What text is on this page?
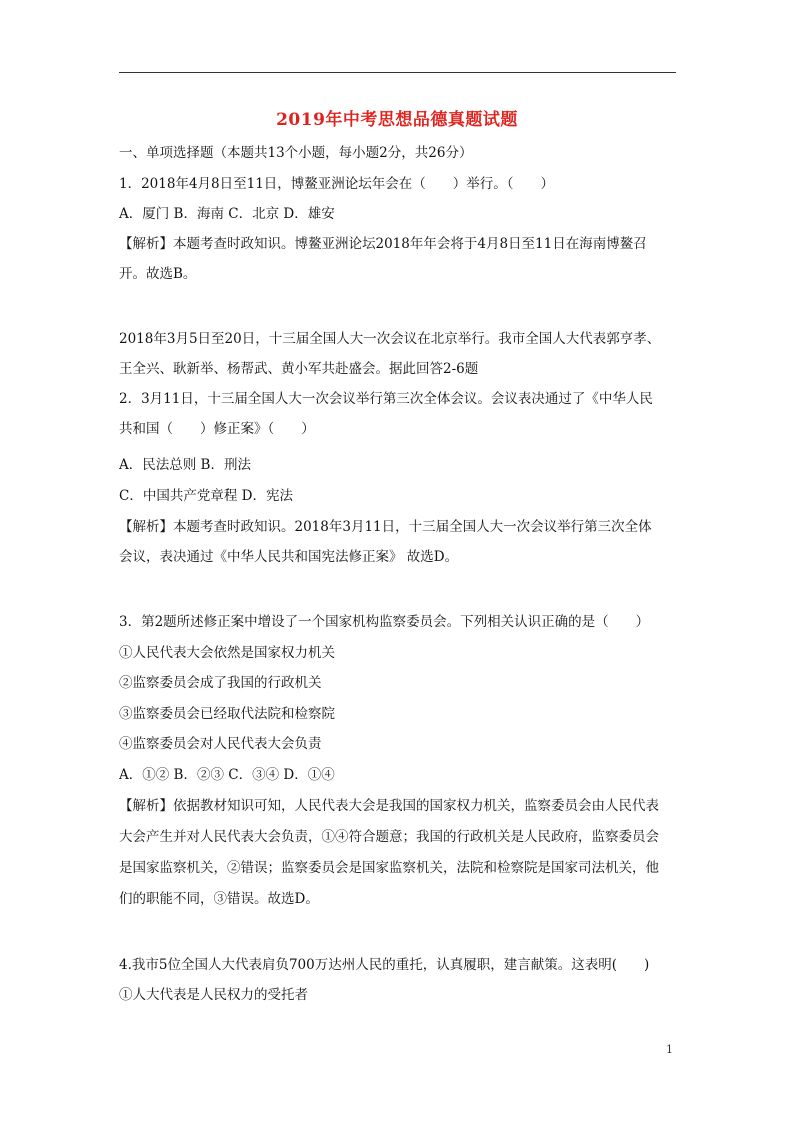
2019年中考思想品德真题试题
一、单项选择题（本题共13个小题，每小题2分，共26分）
1．2018年4月8日至11日，博鳌亚洲论坛年会在（　　）举行。（　　）
A．厦门 B．海南 C．北京 D．雄安
【解析】本题考查时政知识。博鳌亚洲论坛2018年年会将于4月8日至11日在海南博鳌召
开。故选B。
2018年3月5日至20日，十三届全国人大一次会议在北京举行。我市全国人大代表郭亨孝、
王全兴、耿新举、杨帮武、黄小军共赴盛会。据此回答2-6题
2．3月11日，十三届全国人大一次会议举行第三次全体会议。会议表决通过了《中华人民
共和国（　　）修正案》（　　）
A．民法总则 B．刑法
C．中国共产党章程 D．宪法
【解析】本题考查时政知识。2018年3月11日，十三届全国人大一次会议举行第三次全体
会议，表决通过《中华人民共和国宪法修正案》 故选D。
3．第2题所述修正案中增设了一个国家机构监察委员会。下列相关认识正确的是（　　）
①人民代表大会依然是国家权力机关
②监察委员会成了我国的行政机关
③监察委员会已经取代法院和检察院
④监察委员会对人民代表大会负责
A．①② B．②③ C．③④ D．①④
【解析】依据教材知识可知，人民代表大会是我国的国家权力机关，监察委员会由人民代表
大会产生并对人民代表大会负责，①④符合题意；我国的行政机关是人民政府，监察委员会
是国家监察机关，②错误；监察委员会是国家监察机关，法院和检察院是国家司法机关，他
们的职能不同，③错误。故选D。
4.我市5位全国人大代表肩负700万达州人民的重托，认真履职，建言献策。这表明(　　)
①人大代表是人民权力的受托者
1
